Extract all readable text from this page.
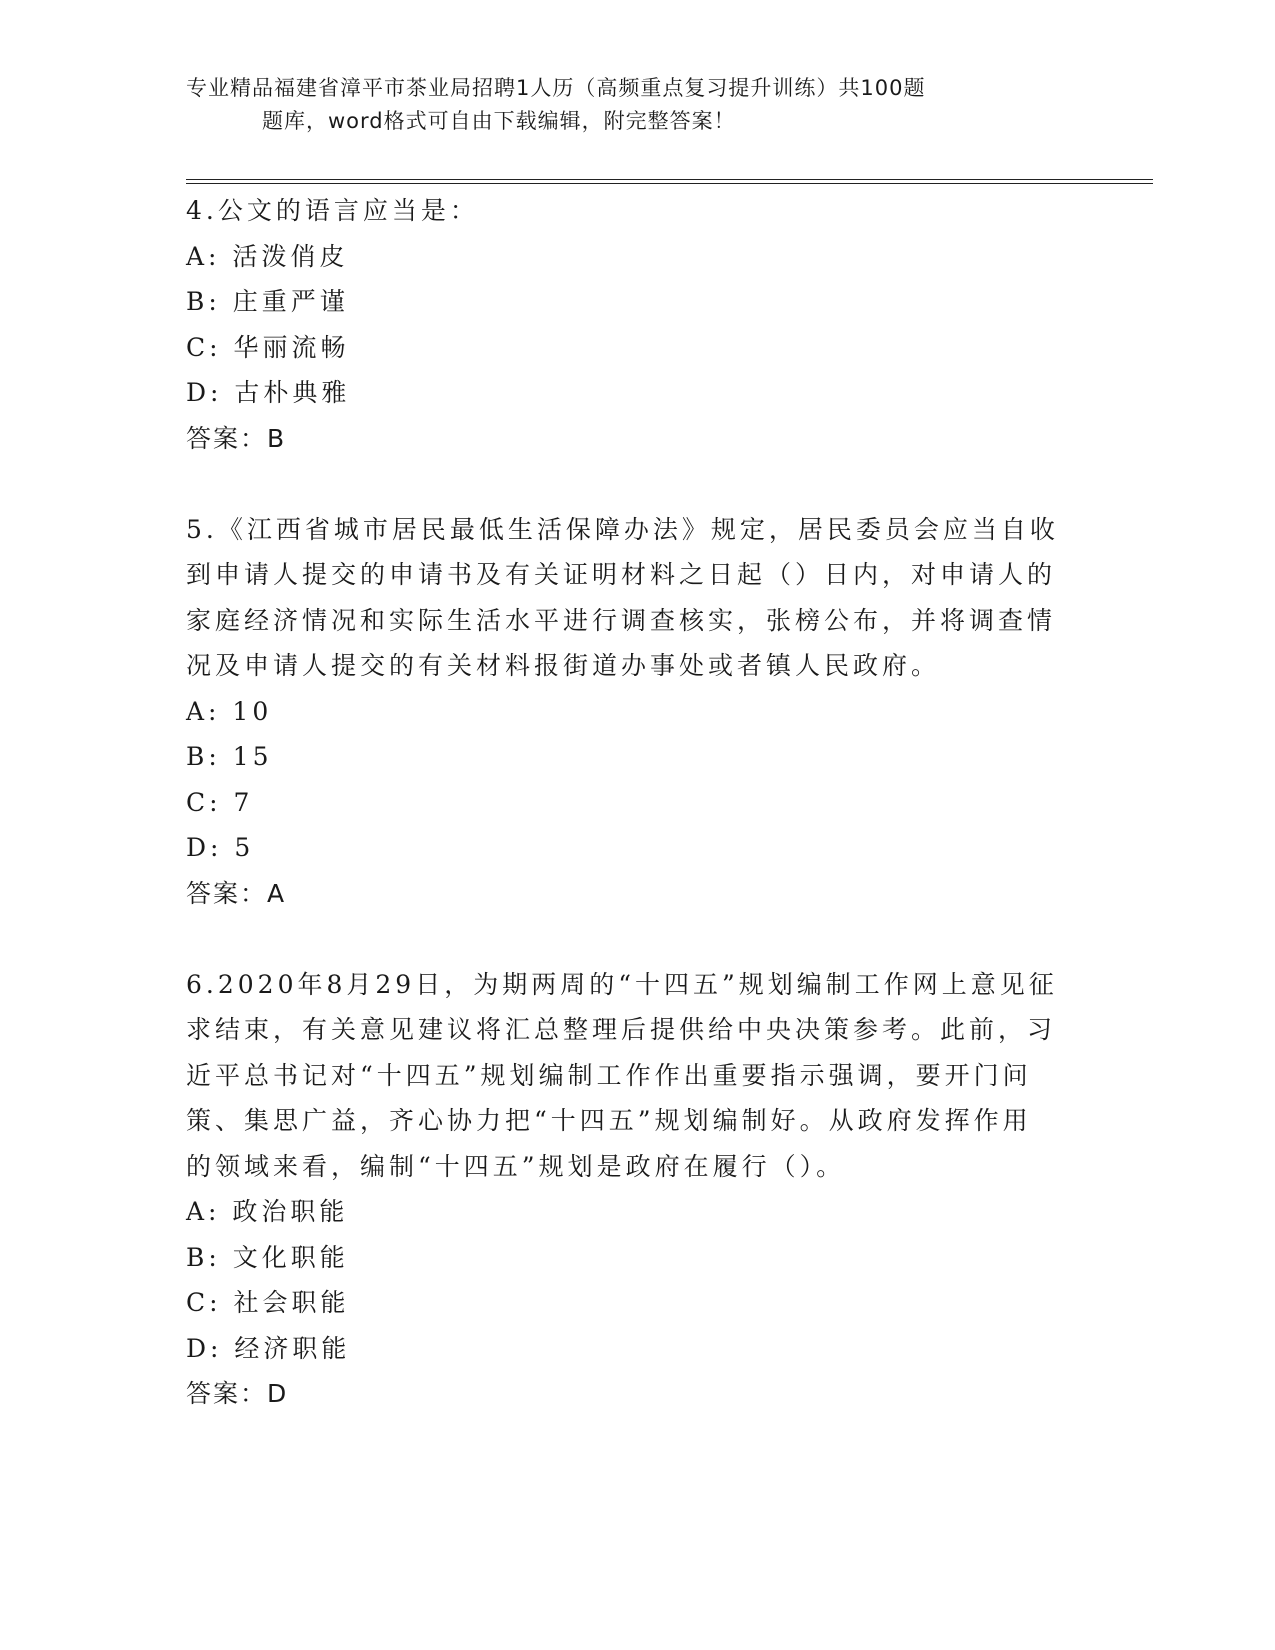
专业精品福建省漳平市茶业局招聘1人历（高频重点复习提升训练）共100题
题库，word格式可自由下载编辑，附完整答案！
4.公文的语言应当是：
A: 活泼俏皮
B: 庄重严谨
C: 华丽流畅
D: 古朴典雅
答案：B
5.《江西省城市居民最低生活保障办法》规定，居民委员会应当自收
到申请人提交的申请书及有关证明材料之日起（）日内，对申请人的
家庭经济情况和实际生活水平进行调查核实，张榜公布，并将调查情
况及申请人提交的有关材料报街道办事处或者镇人民政府。
A: 10
B: 15
C: 7
D: 5
答案：A
6.2020年8月29日，为期两周的“十四五”规划编制工作网上意见征
求结束，有关意见建议将汇总整理后提供给中央决策参考。此前，习
近平总书记对“十四五”规划编制工作作出重要指示强调，要开门问
策、集思广益，齐心协力把“十四五”规划编制好。从政府发挥作用
的领域来看，编制“十四五”规划是政府在履行（）。
A: 政治职能
B: 文化职能
C: 社会职能
D: 经济职能
答案：D
